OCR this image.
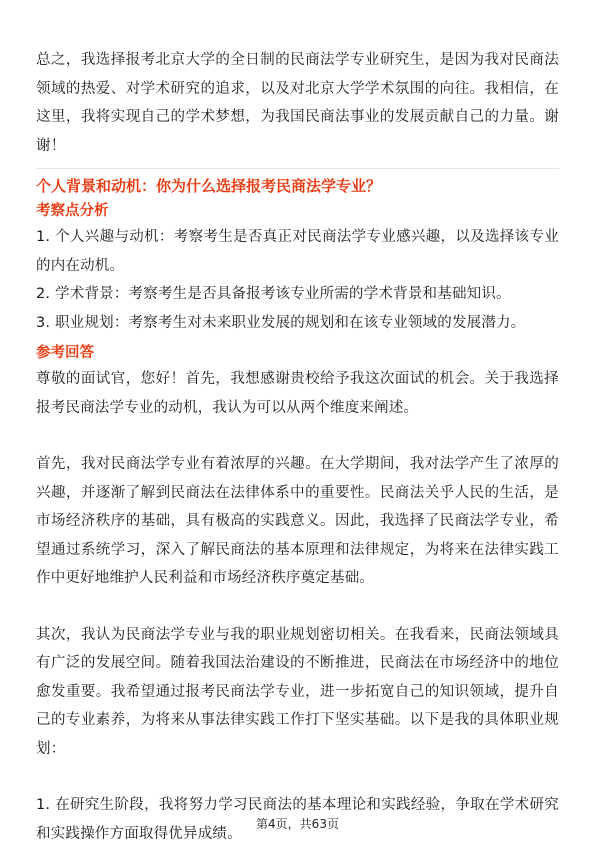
总之，我选择报考北京大学的全日制的民商法学专业研究生，是因为我对民商法领域的热爱、对学术研究的追求，以及对北京大学学术氛围的向往。我相信，在这里，我将实现自己的学术梦想，为我国民商法事业的发展贡献自己的力量。谢谢！

个人背景和动机：你为什么选择报考民商法学专业？
考察点分析

1. 个人兴趣与动机：考察考生是否真正对民商法学专业感兴趣，以及选择该专业的内在动机。

2. 学术背景：考察考生是否具备报考该专业所需的学术背景和基础知识。

3. 职业规划：考察考生对未来职业发展的规划和在该专业领域的发展潜力。

参考回答

尊敬的面试官，您好！首先，我想感谢贵校给予我这次面试的机会。关于我选择报考民商法学专业的动机，我认为可以从两个维度来阐述。

首先，我对民商法学专业有着浓厚的兴趣。在大学期间，我对法学产生了浓厚的兴趣，并逐渐了解到民商法在法律体系中的重要性。民商法关乎人民的生活，是市场经济秩序的基础，具有极高的实践意义。因此，我选择了民商法学专业，希望通过系统学习，深入了解民商法的基本原理和法律规定，为将来在法律实践工作中更好地维护人民利益和市场经济秩序奠定基础。

其次，我认为民商法学专业与我的职业规划密切相关。在我看来，民商法领域具有广泛的发展空间。随着我国法治建设的不断推进，民商法在市场经济中的地位愈发重要。我希望通过报考民商法学专业，进一步拓宽自己的知识领域，提升自己的专业素养，为将来从事法律实践工作打下坚实基础。以下是我的具体职业规划：

1. 在研究生阶段，我将努力学习民商法的基本理论和实践经验，争取在学术研究和实践操作方面取得优异成绩。

第4页，共63页
